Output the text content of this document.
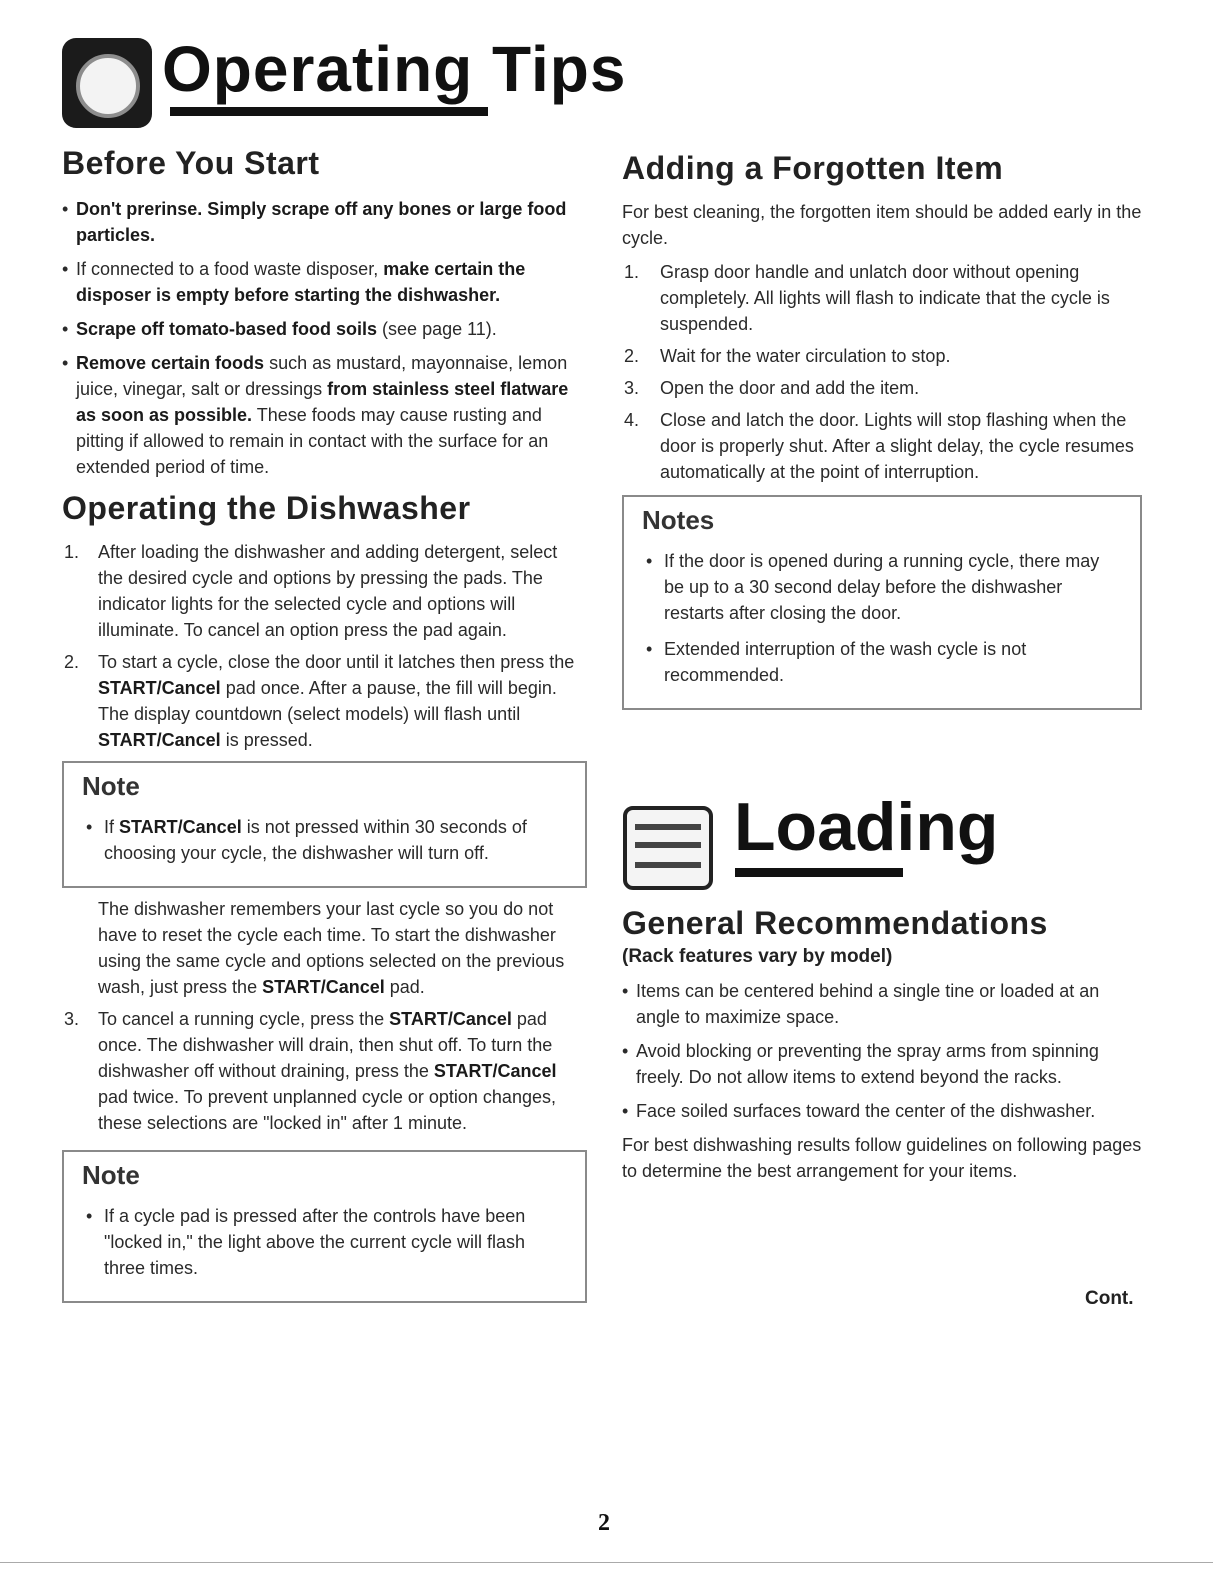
Operating Tips
Before You Start
• Don't prerinse. Simply scrape off any bones or large food particles.
• If connected to a food waste disposer, make certain the disposer is empty before starting the dishwasher.
• Scrape off tomato-based food soils (see page 11).
• Remove certain foods such as mustard, mayonnaise, lemon juice, vinegar, salt or dressings from stainless steel flatware as soon as possible. These foods may cause rusting and pitting if allowed to remain in contact with the surface for an extended period of time.
Operating the Dishwasher
1. After loading the dishwasher and adding detergent, select the desired cycle and options by pressing the pads. The indicator lights for the selected cycle and options will illuminate. To cancel an option press the pad again.
2. To start a cycle, close the door until it latches then press the START/Cancel pad once. After a pause, the fill will begin. The display countdown (select models) will flash until START/Cancel is pressed.
Note
• If START/Cancel is not pressed within 30 seconds of choosing your cycle, the dishwasher will turn off.
The dishwasher remembers your last cycle so you do not have to reset the cycle each time. To start the dishwasher using the same cycle and options selected on the previous wash, just press the START/Cancel pad.
3. To cancel a running cycle, press the START/Cancel pad once. The dishwasher will drain, then shut off. To turn the dishwasher off without draining, press the START/Cancel pad twice. To prevent unplanned cycle or option changes, these selections are "locked in" after 1 minute.
Note
• If a cycle pad is pressed after the controls have been "locked in," the light above the current cycle will flash three times.
Adding a Forgotten Item
For best cleaning, the forgotten item should be added early in the cycle.
1. Grasp door handle and unlatch door without opening completely. All lights will flash to indicate that the cycle is suspended.
2. Wait for the water circulation to stop.
3. Open the door and add the item.
4. Close and latch the door. Lights will stop flashing when the door is properly shut. After a slight delay, the cycle resumes automatically at the point of interruption.
Notes
• If the door is opened during a running cycle, there may be up to a 30 second delay before the dishwasher restarts after closing the door.
• Extended interruption of the wash cycle is not recommended.
Loading
General Recommendations
(Rack features vary by model)
• Items can be centered behind a single tine or loaded at an angle to maximize space.
• Avoid blocking or preventing the spray arms from spinning freely. Do not allow items to extend beyond the racks.
• Face soiled surfaces toward the center of the dishwasher.
For best dishwashing results follow guidelines on following pages to determine the best arrangement for your items.
Cont.
2
